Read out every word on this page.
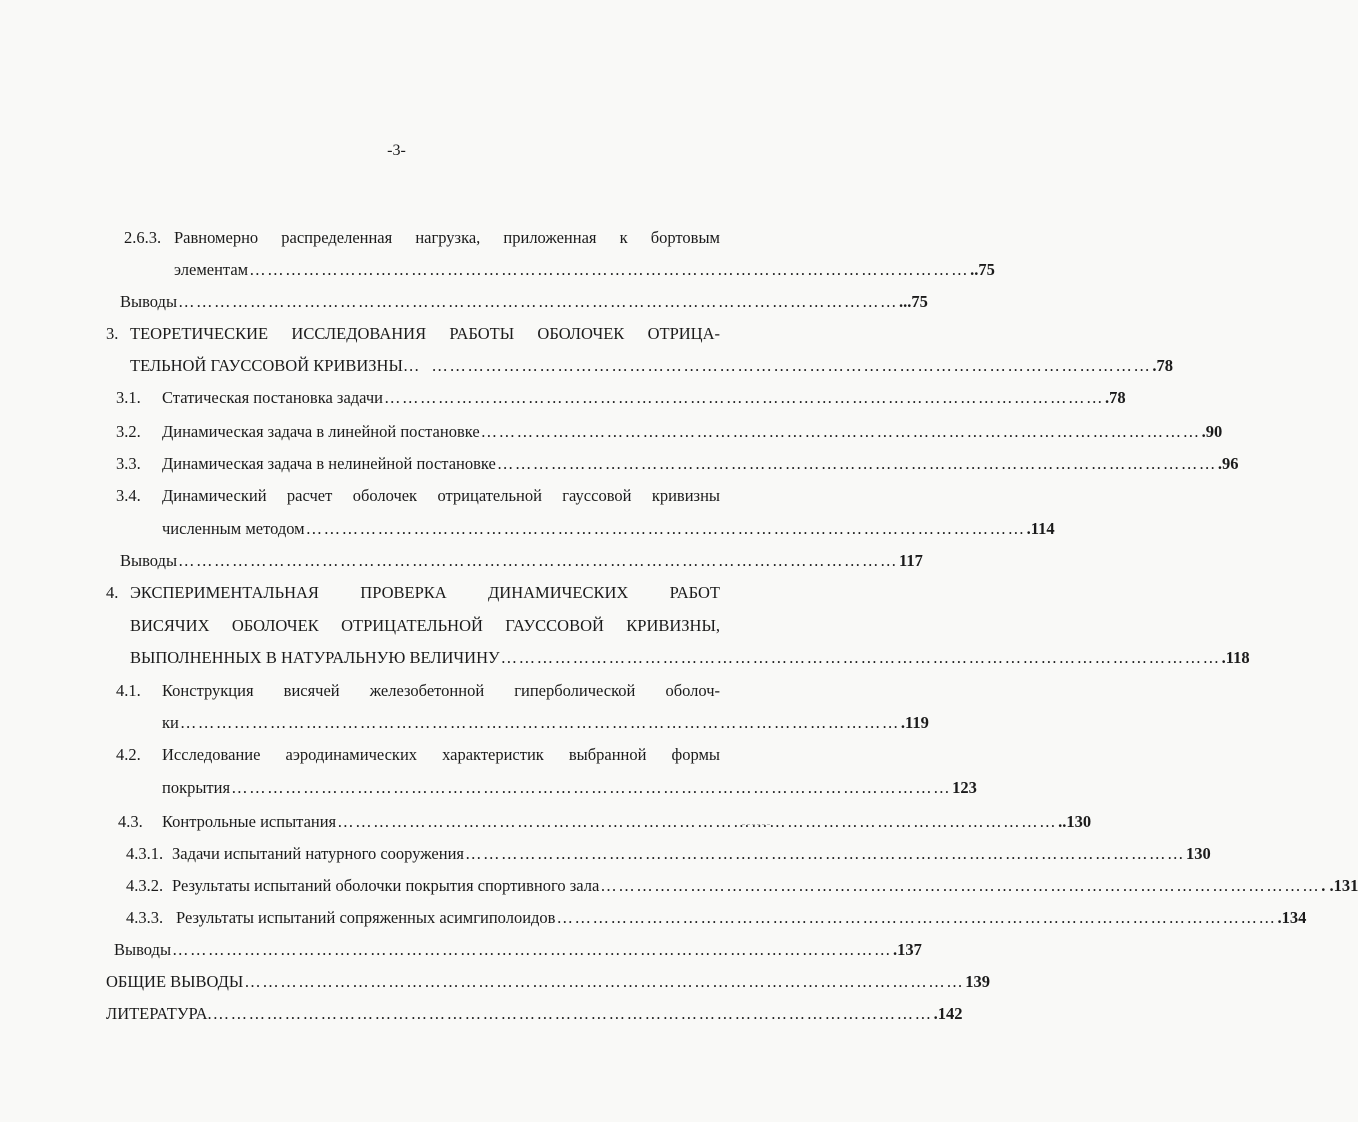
-3-
2.6.3. Равномерно распределенная нагрузка, приложенная к бортовым
элементам ………………………………………………………………………………………………………… ..75
Выводы ………………………………………………………………………………………………………… ...75
3. ТЕОРЕТИЧЕСКИЕ ИССЛЕДОВАНИЯ РАБОТЫ ОБОЛОЧЕК ОТРИЦА-
ТЕЛЬНОЙ ГАУССОВОЙ КРИВИЗНЫ… ………………………………………………………………………………………………………… .78
3.1. Статическая постановка задачи ………………………………………………………………………………………………………… .78
3.2. Динамическая задача в линейной постановке ………………………………………………………………………………………………………… .90
3.3. Динамическая задача в нелинейной постановке ………………………………………………………………………………………………………… .96
3.4. Динамический расчет оболочек отрицательной гауссовой кривизны
численным методом ………………………………………………………………………………………………………… .114
Выводы ………………………………………………………………………………………………………… 117
4. ЭКСПЕРИМЕНТАЛЬНАЯ ПРОВЕРКА ДИНАМИЧЕСКИХ РАБОТ
ВИСЯЧИХ ОБОЛОЧЕК ОТРИЦАТЕЛЬНОЙ ГАУССОВОЙ КРИВИЗНЫ,
ВЫПОЛНЕННЫХ В НАТУРАЛЬНУЮ ВЕЛИЧИНУ ………………………………………………………………………………………………………… .118
4.1. Конструкция висячей железобетонной гиперболической оболоч-
ки ………………………………………………………………………………………………………… .119
4.2. Исследование аэродинамических характеристик выбранной формы
покрытия ………………………………………………………………………………………………………… 123
4.3. Контрольные испытания ………………………………………………………………………………………………………… ..130
4.3.1. Задачи испытаний натурного сооружения ………………………………………………………………………………………………………… 130
4.3.2. Результаты испытаний оболочки покрытия спортивного зала ………………………………………………………………………………………………………… . .131
4.3.3. Результаты испытаний сопряженных асимгиполоидов ………………………………………………………………………………………………………… .134
Выводы ………………………………………………………………………………………………………… .137
ОБЩИЕ ВЫВОДЫ ………………………………………………………………………………………………………… 139
ЛИТЕРАТУРА. ………………………………………………………………………………………………………… .142
